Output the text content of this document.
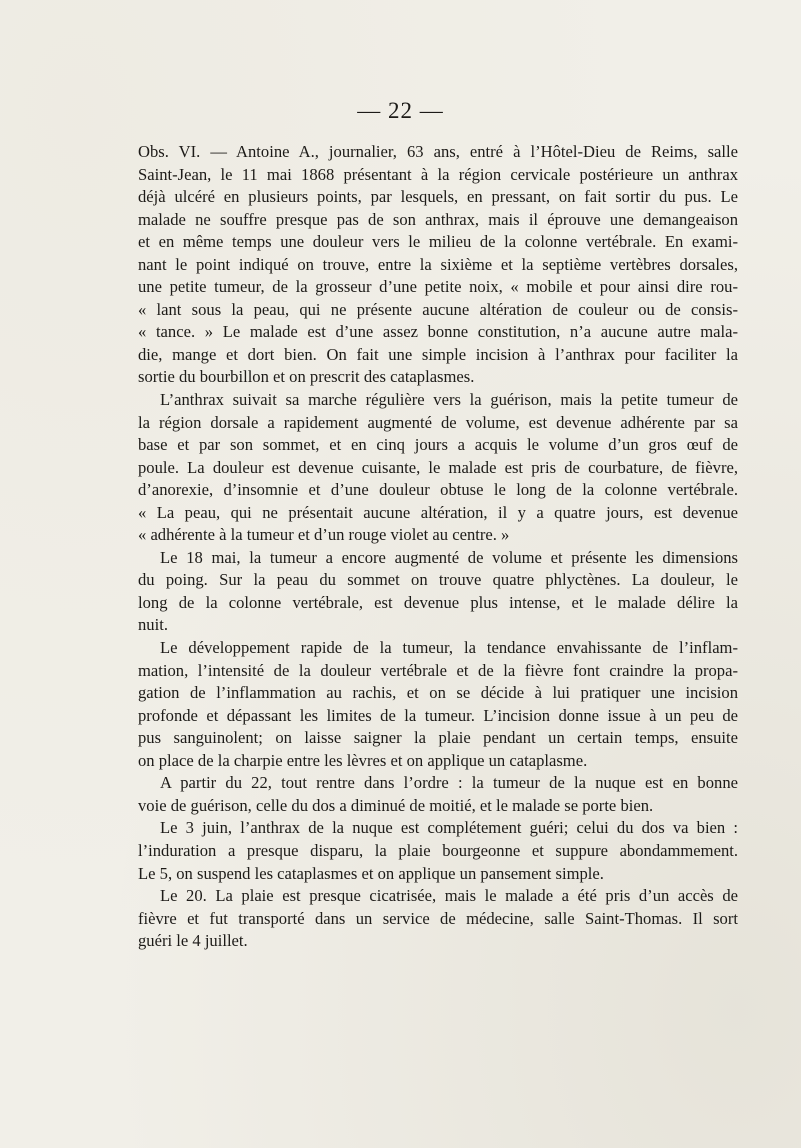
— 22 —
Obs. VI. — Antoine A., journalier, 63 ans, entré à l’Hôtel-Dieu de Reims, salle
Saint-Jean, le 11 mai 1868 présentant à la région cervicale postérieure un anthrax
déjà ulcéré en plusieurs points, par lesquels, en pressant, on fait sortir du pus. Le
malade ne souffre presque pas de son anthrax, mais il éprouve une demangeaison
et en même temps une douleur vers le milieu de la colonne vertébrale. En exami-
nant le point indiqué on trouve, entre la sixième et la septième vertèbres dorsales,
une petite tumeur, de la grosseur d’une petite noix, « mobile et pour ainsi dire rou-
« lant sous la peau, qui ne présente aucune altération de couleur ou de consis-
« tance. » Le malade est d’une assez bonne constitution, n’a aucune autre mala-
die, mange et dort bien. On fait une simple incision à l’anthrax pour faciliter la
sortie du bourbillon et on prescrit des cataplasmes.
L’anthrax suivait sa marche régulière vers la guérison, mais la petite tumeur de
la région dorsale a rapidement augmenté de volume, est devenue adhérente par sa
base et par son sommet, et en cinq jours a acquis le volume d’un gros œuf de
poule. La douleur est devenue cuisante, le malade est pris de courbature, de fièvre,
d’anorexie, d’insomnie et d’une douleur obtuse le long de la colonne vertébrale.
« La peau, qui ne présentait aucune altération, il y a quatre jours, est devenue
« adhérente à la tumeur et d’un rouge violet au centre. »
Le 18 mai, la tumeur a encore augmenté de volume et présente les dimensions
du poing. Sur la peau du sommet on trouve quatre phlyctènes. La douleur, le
long de la colonne vertébrale, est devenue plus intense, et le malade délire la
nuit.
Le développement rapide de la tumeur, la tendance envahissante de l’inflam-
mation, l’intensité de la douleur vertébrale et de la fièvre font craindre la propa-
gation de l’inflammation au rachis, et on se décide à lui pratiquer une incision
profonde et dépassant les limites de la tumeur. L’incision donne issue à un peu de
pus sanguinolent; on laisse saigner la plaie pendant un certain temps, ensuite
on place de la charpie entre les lèvres et on applique un cataplasme.
A partir du 22, tout rentre dans l’ordre : la tumeur de la nuque est en bonne
voie de guérison, celle du dos a diminué de moitié, et le malade se porte bien.
Le 3 juin, l’anthrax de la nuque est complétement guéri; celui du dos va bien :
l’induration a presque disparu, la plaie bourgeonne et suppure abondammement.
Le 5, on suspend les cataplasmes et on applique un pansement simple.
Le 20. La plaie est presque cicatrisée, mais le malade a été pris d’un accès de
fièvre et fut transporté dans un service de médecine, salle Saint-Thomas. Il sort
guéri le 4 juillet.
